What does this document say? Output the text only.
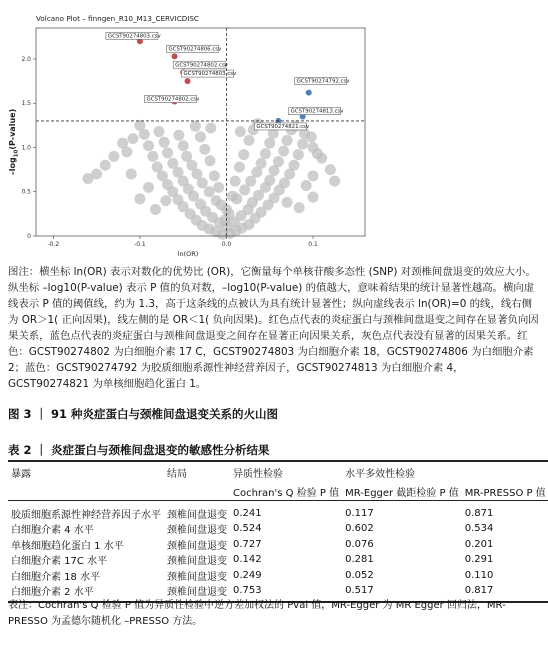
Volcano Plot – finngen_R10_M13_CERVICDISC
GCST90274803.csv
GCST90274806.csv
GCST90274802.csv
GCST90274803.csv
GCST90274802.csv
GCST90274792.csv
GCST90274813.csv
GCST90274821.csv
-0.2	-0.1	0.0	0.1
0
0.5
1.0
1.5
2.0
ln(OR)
$-\log_{10}(P-value)$
图注：横坐标 ln(OR) 表示对数化的优势比 (OR)，它衡量每个单核苷酸多态性 (SNP) 对颈椎间盘退变的效应大小。纵坐标 –log10(P-value) 表示 P 值的负对数，–log10(P-value) 的值越大，意味着结果的统计显著性越高。横向虚线表示 P 值的阈值线，约为 1.3，高于这条线的点被认为具有统计显著性；纵向虚线表示 ln(OR)=0 的线，线右侧为 OR＞1( 正向因果)，线左侧的是 OR＜1( 负向因果)。红色点代表的炎症蛋白与颈椎间盘退变之间存在显著负向因果关系，蓝色点代表的炎症蛋白与颈椎间盘退变之间存在显著正向因果关系，灰色点代表没有显著的因果关系。红色：GCST90274802 为白细胞介素 17 C，GCST90274803 为白细胞介素 18，GCST90274806 为白细胞介素 2；蓝色：GCST90274792 为胶质细胞系源性神经营养因子，GCST90274813 为白细胞介素 4，GCST90274821 为单核细胞趋化蛋白 1。
图 3 ｜ 91 种炎症蛋白与颈椎间盘退变关系的火山图
表 2 ｜ 炎症蛋白与颈椎间盘退变的敏感性分析结果
暴露	结局	异质性检验	水平多效性检验	
		Cochran's Q 检验 P 值	MR-Egger 截距检验 P 值	MR-PRESSO P 值
胶质细胞系源性神经营养因子水平	颈椎间盘退变	0.241	0.117	0.871
白细胞介素 4 水平	颈椎间盘退变	0.524	0.602	0.534
单核细胞趋化蛋白 1 水平	颈椎间盘退变	0.727	0.076	0.201
白细胞介素 17C 水平	颈椎间盘退变	0.142	0.281	0.291
白细胞介素 18 水平	颈椎间盘退变	0.249	0.052	0.110
白细胞介素 2 水平	颈椎间盘退变	0.753	0.517	0.817
表注：Cochran's Q 检验 P 值为异质性检验中逆方差加权法的 Pval 值，MR-Egger 为 MR Egger 回归法，MR-PRESSO 为孟德尔随机化 –PRESSO 方法。
